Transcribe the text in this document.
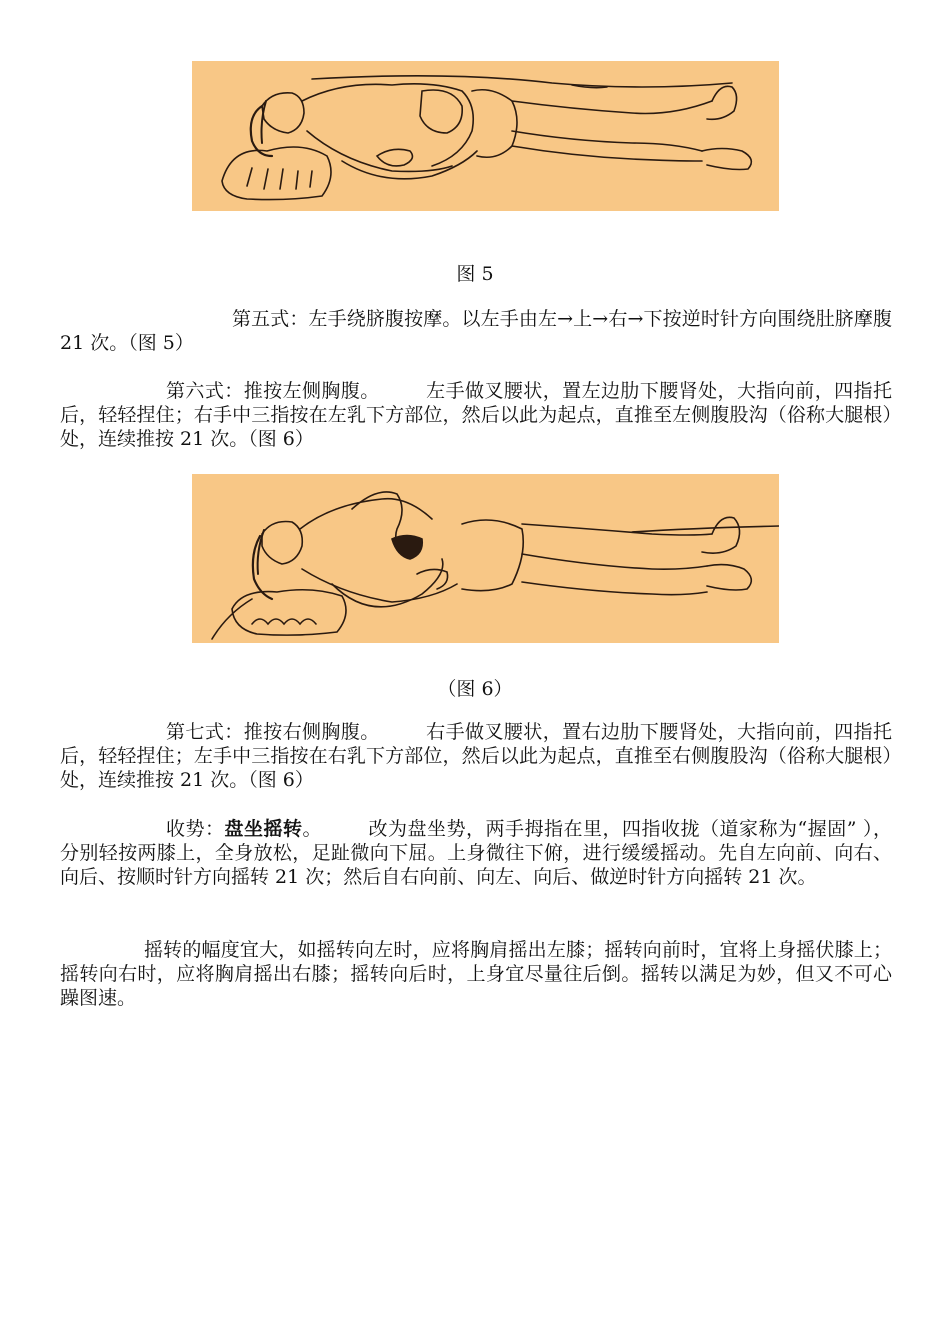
图 5

第五式：左手绕脐腹按摩。以左手由左→上→右→下按逆时针方向围绕肚脐摩腹 21 次。（图 5）

第六式：推按左侧胸腹。 左手做叉腰状，置左边肋下腰肾处，大指向前，四指托后，轻轻捏住；右手中三指按在左乳下方部位，然后以此为起点，直推至左侧腹股沟（俗称大腿根）处，连续推按 21 次。（图 6）

（图 6）

第七式：推按右侧胸腹。 右手做叉腰状，置右边肋下腰肾处，大指向前，四指托后，轻轻捏住；左手中三指按在右乳下方部位，然后以此为起点，直推至右侧腹股沟（俗称大腿根）处，连续推按 21 次。（图 6）

收势：盘坐摇转。 改为盘坐势，两手拇指在里，四指收拢（道家称为“握固” ），分别轻按两膝上，全身放松，足趾微向下屈。上身微往下俯，进行缓缓摇动。先自左向前、向右、向后、按顺时针方向摇转 21 次；然后自右向前、向左、向后、做逆时针方向摇转 21 次。

摇转的幅度宜大，如摇转向左时，应将胸肩摇出左膝；摇转向前时，宜将上身摇伏膝上；摇转向右时，应将胸肩摇出右膝；摇转向后时，上身宜尽量往后倒。摇转以满足为妙，但又不可心躁图速。
